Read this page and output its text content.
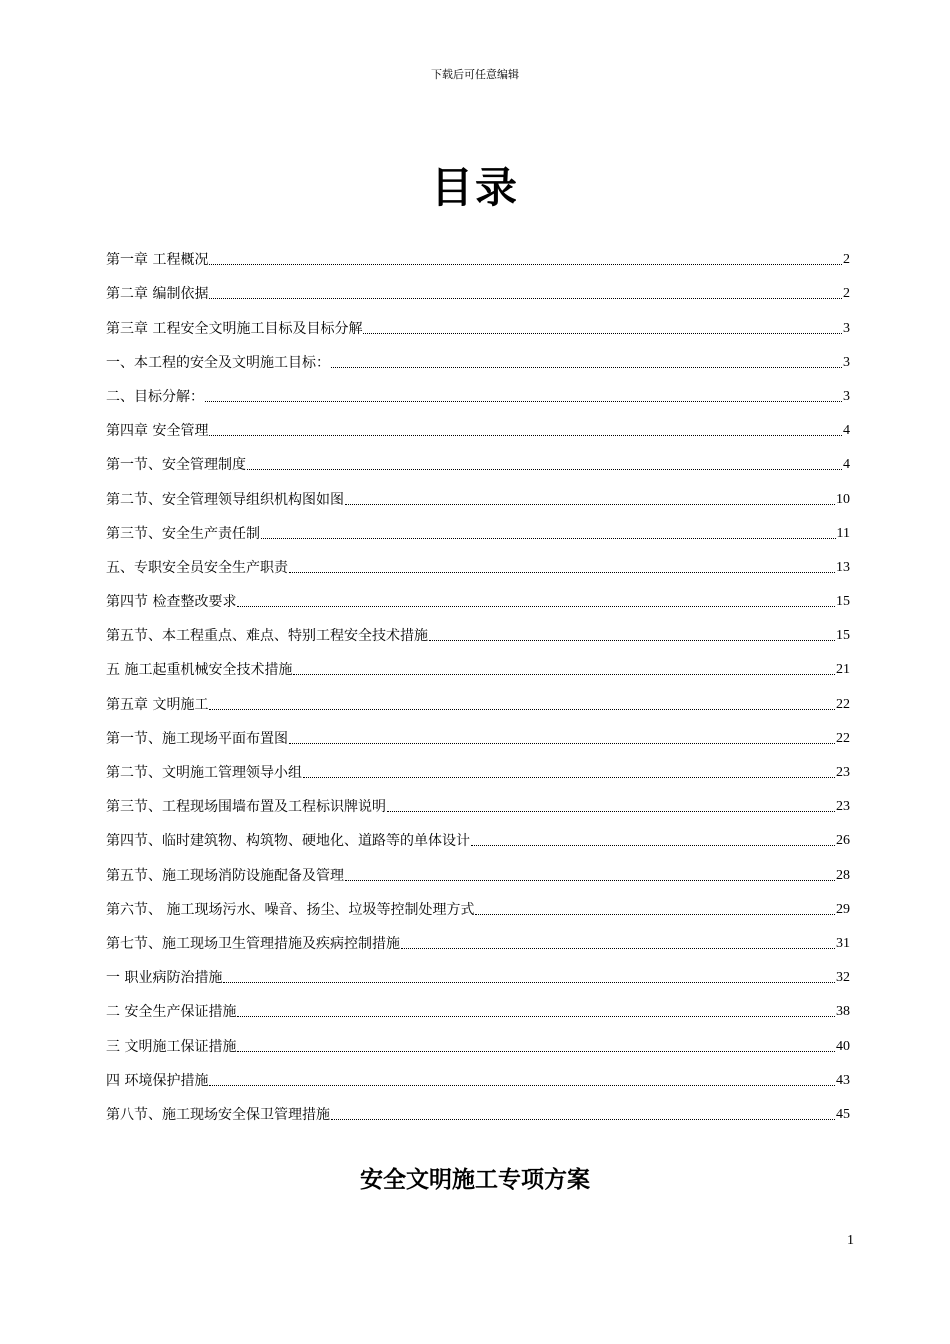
下载后可任意编辑
目录
第一章 工程概况	2
第二章 编制依据	2
第三章 工程安全文明施工目标及目标分解	3
一、本工程的安全及文明施工目标：	3
二、目标分解：	3
第四章 安全管理	4
第一节、安全管理制度	4
第二节、安全管理领导组织机构图如图	10
第三节、安全生产责任制	11
五、专职安全员安全生产职责	13
第四节 检查整改要求	15
第五节、本工程重点、难点、特别工程安全技术措施	15
五 施工起重机械安全技术措施	21
第五章 文明施工	22
第一节、施工现场平面布置图	22
第二节、文明施工管理领导小组	23
第三节、工程现场围墙布置及工程标识牌说明	23
第四节、临时建筑物、构筑物、硬地化、道路等的单体设计	26
第五节、施工现场消防设施配备及管理	28
第六节、 施工现场污水、噪音、扬尘、垃圾等控制处理方式	29
第七节、施工现场卫生管理措施及疾病控制措施	31
一 职业病防治措施	32
二 安全生产保证措施	38
三 文明施工保证措施	40
四 环境保护措施	43
第八节、施工现场安全保卫管理措施	45
安全文明施工专项方案
1
